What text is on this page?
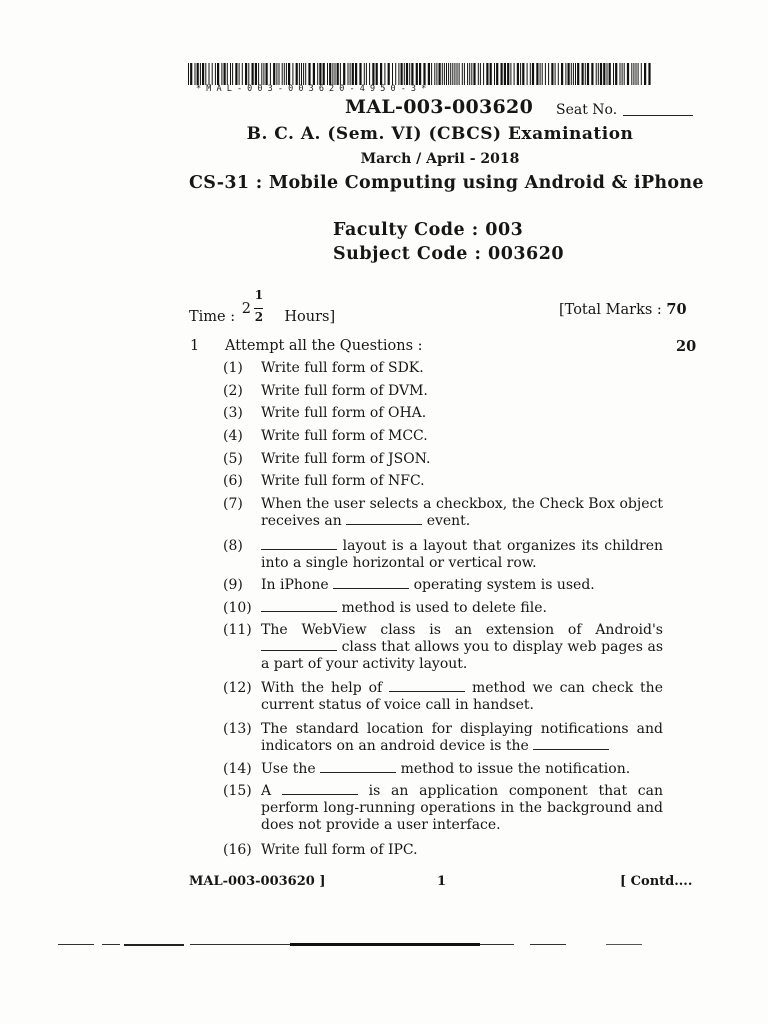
* M A L - 0 0 3 - 0 0 3 6 2 0 - 4 9 5 0 - 3 *
MAL-003-003620 Seat No.
B. C. A. (Sem. VI) (CBCS) Examination
March / April - 2018
CS-31 : Mobile Computing using Android & iPhone
Faculty Code : 003
Subject Code : 003620
Time : 2
1
2 Hours]	[Total Marks : 70
1 Attempt all the Questions :	20
(1) Write full form of SDK.
(2) Write full form of DVM.
(3) Write full form of OHA.
(4) Write full form of MCC.
(5) Write full form of JSON.
(6) Write full form of NFC.
(7) When the user selects a checkbox, the Check Box object receives an	event.
(8)	layout is a layout that organizes its children into a single horizontal or vertical row.
(9) In iPhone	operating system is used.
(10)	method is used to delete file.
(11) The WebView class is an extension of Android's  class that allows you to display web pages as a part of your activity layout.
(12) With the help of	method we can check the current status of voice call in handset.
(13) The standard location for displaying notifications and indicators on an android device is the
(14) Use the	method to issue the notification.
(15) A	is an application component that can perform long-running operations in the background and does not provide a user interface.
(16) Write full form of IPC.
MAL-003-003620 ]	1	[ Contd....
